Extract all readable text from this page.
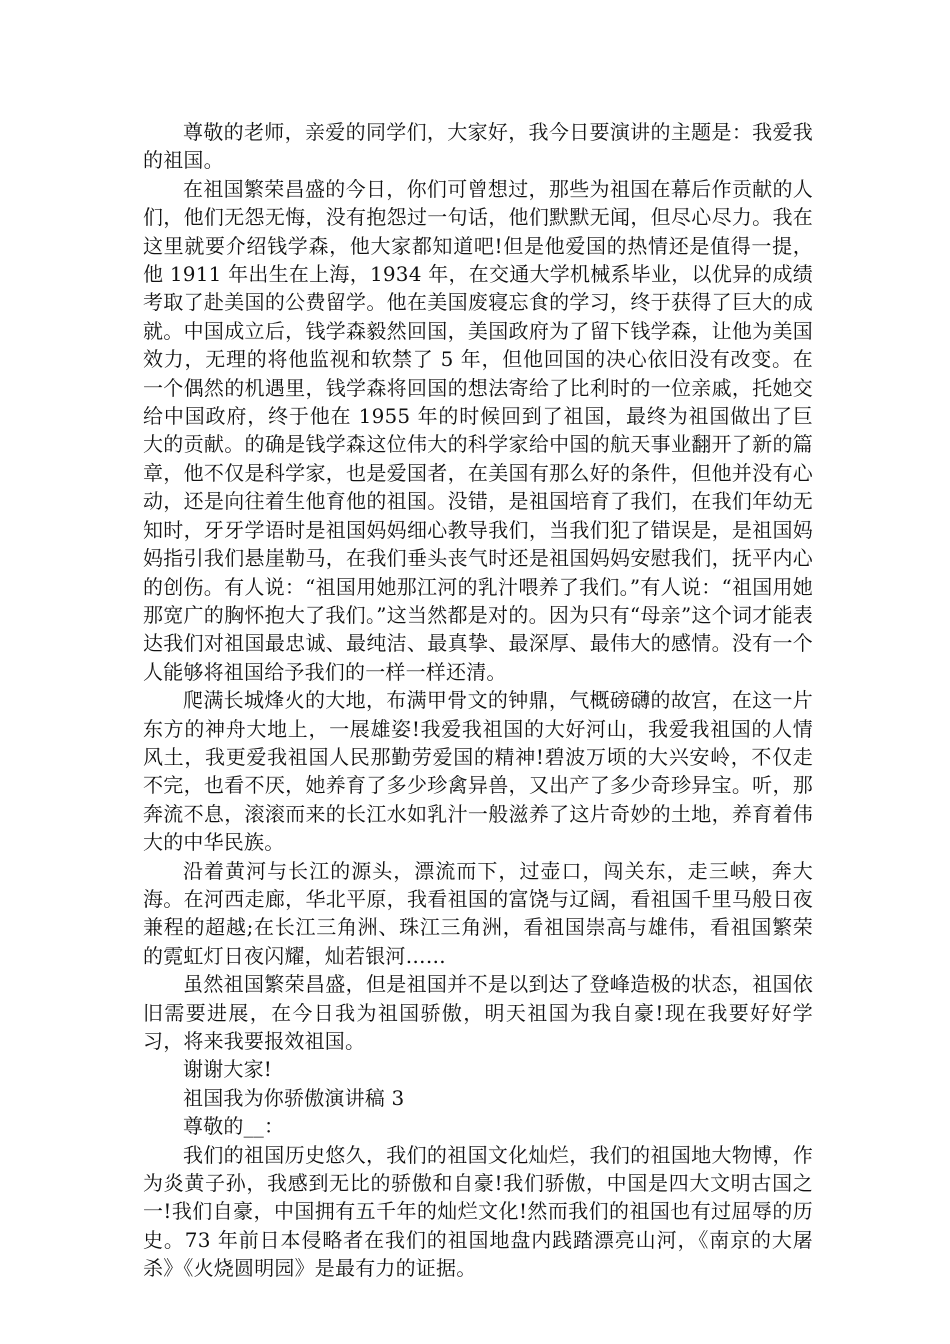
尊敬的老师，亲爱的同学们，大家好，我今日要演讲的主题是：我爱我的祖国。

在祖国繁荣昌盛的今日，你们可曾想过，那些为祖国在幕后作贡献的人们，他们无怨无悔，没有抱怨过一句话，他们默默无闻，但尽心尽力。我在这里就要介绍钱学森，他大家都知道吧!但是他爱国的热情还是值得一提，他 1911 年出生在上海，1934 年，在交通大学机械系毕业，以优异的成绩考取了赴美国的公费留学。他在美国废寝忘食的学习，终于获得了巨大的成就。中国成立后，钱学森毅然回国，美国政府为了留下钱学森，让他为美国效力，无理的将他监视和软禁了 5 年，但他回国的决心依旧没有改变。在一个偶然的机遇里，钱学森将回国的想法寄给了比利时的一位亲戚，托她交给中国政府，终于他在 1955 年的时候回到了祖国，最终为祖国做出了巨大的贡献。的确是钱学森这位伟大的科学家给中国的航天事业翻开了新的篇章，他不仅是科学家，也是爱国者，在美国有那么好的条件，但他并没有心动，还是向往着生他育他的祖国。没错，是祖国培育了我们，在我们年幼无知时，牙牙学语时是祖国妈妈细心教导我们，当我们犯了错误是，是祖国妈妈指引我们悬崖勒马，在我们垂头丧气时还是祖国妈妈安慰我们，抚平内心的创伤。有人说：“祖国用她那江河的乳汁喂养了我们。”有人说：“祖国用她那宽广的胸怀抱大了我们。”这当然都是对的。因为只有“母亲”这个词才能表达我们对祖国最忠诚、最纯洁、最真挚、最深厚、最伟大的感情。没有一个人能够将祖国给予我们的一样一样还清。

爬满长城烽火的大地，布满甲骨文的钟鼎，气概磅礴的故宫，在这一片东方的神舟大地上，一展雄姿!我爱我祖国的大好河山，我爱我祖国的人情风土，我更爱我祖国人民那勤劳爱国的精神!碧波万顷的大兴安岭，不仅走不完，也看不厌，她养育了多少珍禽异兽，又出产了多少奇珍异宝。听，那奔流不息，滚滚而来的长江水如乳汁一般滋养了这片奇妙的土地，养育着伟大的中华民族。

沿着黄河与长江的源头，漂流而下，过壶口，闯关东，走三峡，奔大海。在河西走廊，华北平原，我看祖国的富饶与辽阔，看祖国千里马般日夜兼程的超越;在长江三角洲、珠江三角洲，看祖国崇高与雄伟，看祖国繁荣的霓虹灯日夜闪耀，灿若银河……

虽然祖国繁荣昌盛，但是祖国并不是以到达了登峰造极的状态，祖国依旧需要进展，在今日我为祖国骄傲，明天祖国为我自豪!现在我要好好学习，将来我要报效祖国。

谢谢大家!

祖国我为你骄傲演讲稿 3

尊敬的__：

我们的祖国历史悠久，我们的祖国文化灿烂，我们的祖国地大物博，作为炎黄子孙，我感到无比的骄傲和自豪!我们骄傲，中国是四大文明古国之一!我们自豪，中国拥有五千年的灿烂文化!然而我们的祖国也有过屈辱的历史。73 年前日本侵略者在我们的祖国地盘内践踏漂亮山河，《南京的大屠杀》《火烧圆明园》是最有力的证据。
